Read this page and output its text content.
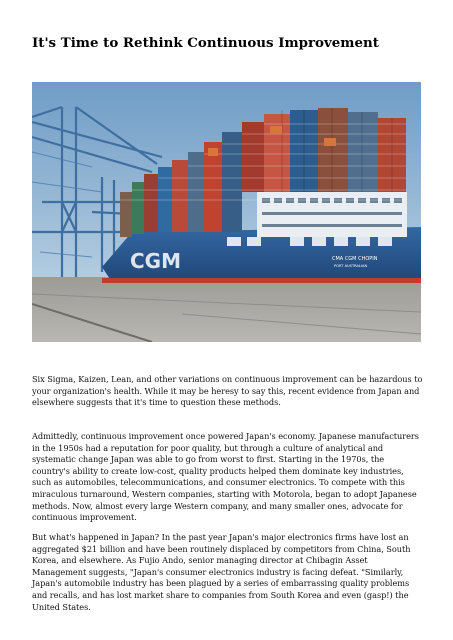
It's Time to Rethink Continuous Improvement
CGM	CMA CGM CHOPIN
PORT AUSTRALIAN

Six Sigma, Kaizen, Lean, and other variations on continuous improvement can be hazardous to your organization's health. While it may be heresy to say this, recent evidence from Japan and elsewhere suggests that it's time to question these methods.

Admittedly, continuous improvement once powered Japan's economy. Japanese manufacturers in the 1950s had a reputation for poor quality, but through a culture of analytical and systematic change Japan was able to go from worst to first. Starting in the 1970s, the country's ability to create low-cost, quality products helped them dominate key industries, such as automobiles, telecommunications, and consumer electronics. To compete with this miraculous turnaround, Western companies, starting with Motorola, began to adopt Japanese methods. Now, almost every large Western company, and many smaller ones, advocate for continuous improvement.

But what's happened in Japan? In the past year Japan's major electronics firms have lost an aggregated $21 billion and have been routinely displaced by competitors from China, South Korea, and elsewhere. As Fujio Ando, senior managing director at Chibagin Asset Management suggests, "Japan's consumer electronics industry is facing defeat. "Similarly, Japan's automobile industry has been plagued by a series of embarrassing quality problems and recalls, and has lost market share to companies from South Korea and even (gasp!) the United States.
